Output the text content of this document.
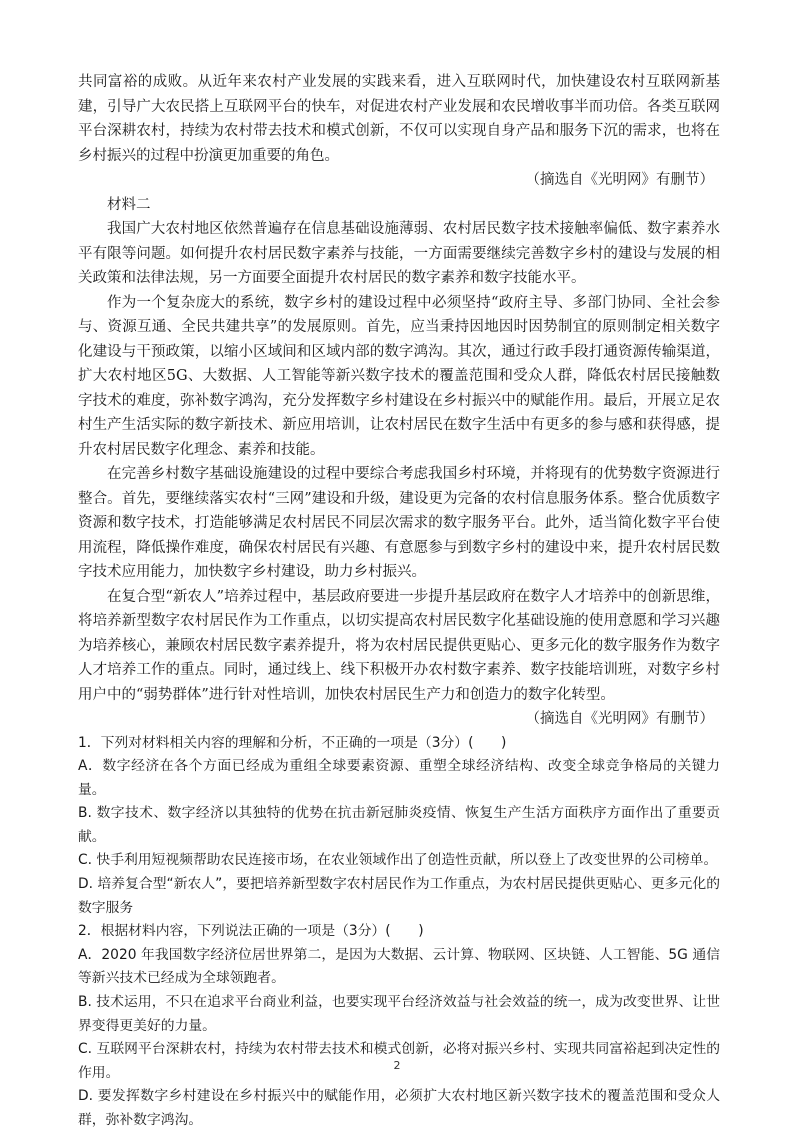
共同富裕的成败。从近年来农村产业发展的实践来看，进入互联网时代，加快建设农村互联网新基建，引导广大农民搭上互联网平台的快车，对促进农村产业发展和农民增收事半而功倍。各类互联网平台深耕农村，持续为农村带去技术和模式创新，不仅可以实现自身产品和服务下沉的需求，也将在乡村振兴的过程中扮演更加重要的角色。

（摘选自《光明网》有删节）

材料二

我国广大农村地区依然普遍存在信息基础设施薄弱、农村居民数字技术接触率偏低、数字素养水平有限等问题。如何提升农村居民数字素养与技能，一方面需要继续完善数字乡村的建设与发展的相关政策和法律法规，另一方面要全面提升农村居民的数字素养和数字技能水平。

作为一个复杂庞大的系统，数字乡村的建设过程中必须坚持“政府主导、多部门协同、全社会参与、资源互通、全民共建共享”的发展原则。首先，应当秉持因地因时因势制宜的原则制定相关数字化建设与干预政策，以缩小区域间和区域内部的数字鸿沟。其次，通过行政手段打通资源传输渠道，扩大农村地区5G、大数据、人工智能等新兴数字技术的覆盖范围和受众人群，降低农村居民接触数字技术的难度，弥补数字鸿沟，充分发挥数字乡村建设在乡村振兴中的赋能作用。最后，开展立足农村生产生活实际的数字新技术、新应用培训，让农村居民在数字生活中有更多的参与感和获得感，提升农村居民数字化理念、素养和技能。

在完善乡村数字基础设施建设的过程中要综合考虑我国乡村环境，并将现有的优势数字资源进行整合。首先，要继续落实农村“三网”建设和升级，建设更为完备的农村信息服务体系。整合优质数字资源和数字技术，打造能够满足农村居民不同层次需求的数字服务平台。此外，适当简化数字平台使用流程，降低操作难度，确保农村居民有兴趣、有意愿参与到数字乡村的建设中来，提升农村居民数字技术应用能力，加快数字乡村建设，助力乡村振兴。

在复合型“新农人”培养过程中，基层政府要进一步提升基层政府在数字人才培养中的创新思维，将培养新型数字农村居民作为工作重点，以切实提高农村居民数字化基础设施的使用意愿和学习兴趣为培养核心，兼顾农村居民数字素养提升，将为农村居民提供更贴心、更多元化的数字服务作为数字人才培养工作的重点。同时，通过线上、线下积极开办农村数字素养、数字技能培训班，对数字乡村用户中的“弱势群体”进行针对性培训，加快农村居民生产力和创造力的数字化转型。

（摘选自《光明网》有删节）

1．下列对材料相关内容的理解和分析，不正确的一项是（3分）(　　)

A．数字经济在各个方面已经成为重组全球要素资源、重塑全球经济结构、改变全球竞争格局的关键力量。

B. 数字技术、数字经济以其独特的优势在抗击新冠肺炎疫情、恢复生产生活方面秩序方面作出了重要贡献。

C. 快手利用短视频帮助农民连接市场，在农业领域作出了创造性贡献，所以登上了改变世界的公司榜单。

D. 培养复合型“新农人”，要把培养新型数字农村居民作为工作重点，为农村居民提供更贴心、更多元化的数字服务

2．根据材料内容，下列说法正确的一项是（3分）(　　)

A．2020 年我国数字经济位居世界第二，是因为大数据、云计算、物联网、区块链、人工智能、5G 通信等新兴技术已经成为全球领跑者。

B. 技术运用，不只在追求平台商业利益，也要实现平台经济效益与社会效益的统一，成为改变世界、让世界变得更美好的力量。

C. 互联网平台深耕农村，持续为农村带去技术和模式创新，必将对振兴乡村、实现共同富裕起到决定性的作用。

D. 要发挥数字乡村建设在乡村振兴中的赋能作用，必须扩大农村地区新兴数字技术的覆盖范围和受众人群，弥补数字鸿沟。

2
